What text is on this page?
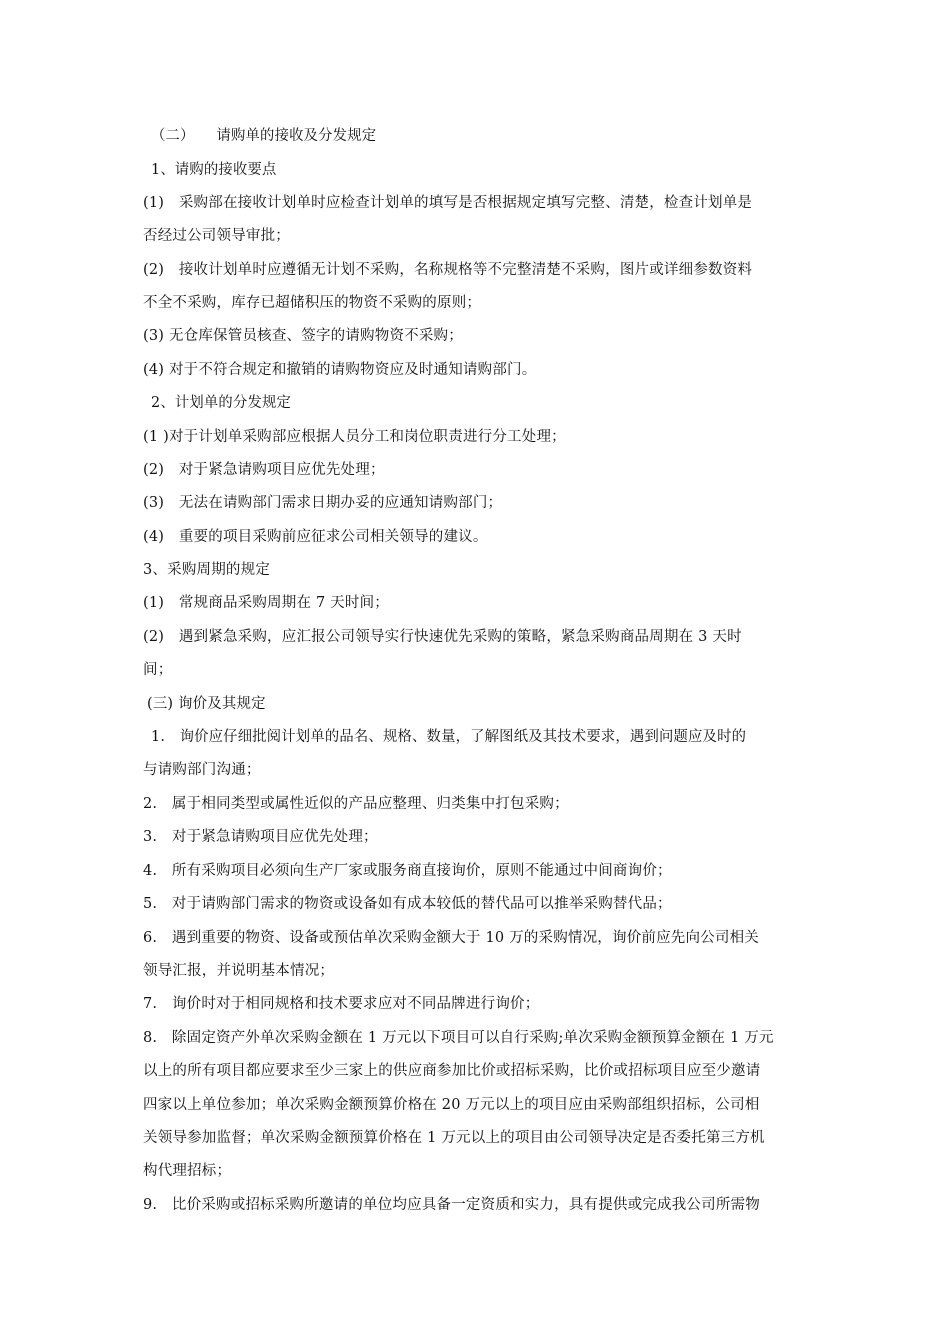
（二）　　请购单的接收及分发规定
1、请购的接收要点
(1)　采购部在接收计划单时应检查计划单的填写是否根据规定填写完整、清楚，检查计划单是
否经过公司领导审批；
(2)　接收计划单时应遵循无计划不采购，名称规格等不完整清楚不采购，图片或详细参数资料
不全不采购，库存已超储积压的物资不采购的原则；
(3) 无仓库保管员核查、签字的请购物资不采购；
(4) 对于不符合规定和撤销的请购物资应及时通知请购部门。
2、计划单的分发规定
(1 )对于计划单采购部应根据人员分工和岗位职责进行分工处理；
(2)　对于紧急请购项目应优先处理；
(3)　无法在请购部门需求日期办妥的应通知请购部门；
(4)　重要的项目采购前应征求公司相关领导的建议。
3、采购周期的规定
(1)　常规商品采购周期在 7 天时间；
(2)　遇到紧急采购，应汇报公司领导实行快速优先采购的策略，紧急采购商品周期在 3 天时
间；
(三) 询价及其规定
1.　询价应仔细批阅计划单的品名、规格、数量，了解图纸及其技术要求，遇到问题应及时的
与请购部门沟通；
2.　属于相同类型或属性近似的产品应整理、归类集中打包采购；
3.　对于紧急请购项目应优先处理；
4.　所有采购项目必须向生产厂家或服务商直接询价，原则不能通过中间商询价；
5.　对于请购部门需求的物资或设备如有成本较低的替代品可以推举采购替代品；
6.　遇到重要的物资、设备或预估单次采购金额大于 10 万的采购情况，询价前应先向公司相关
领导汇报，并说明基本情况；
7.　询价时对于相同规格和技术要求应对不同品牌进行询价；
8.　除固定资产外单次采购金额在 1 万元以下项目可以自行采购;单次采购金额预算金额在 1 万元
以上的所有项目都应要求至少三家上的供应商参加比价或招标采购，比价或招标项目应至少邀请
四家以上单位参加；单次采购金额预算价格在 20 万元以上的项目应由采购部组织招标，公司相
关领导参加监督；单次采购金额预算价格在 1 万元以上的项目由公司领导决定是否委托第三方机
构代理招标；
9.　比价采购或招标采购所邀请的单位均应具备一定资质和实力，具有提供或完成我公司所需物
